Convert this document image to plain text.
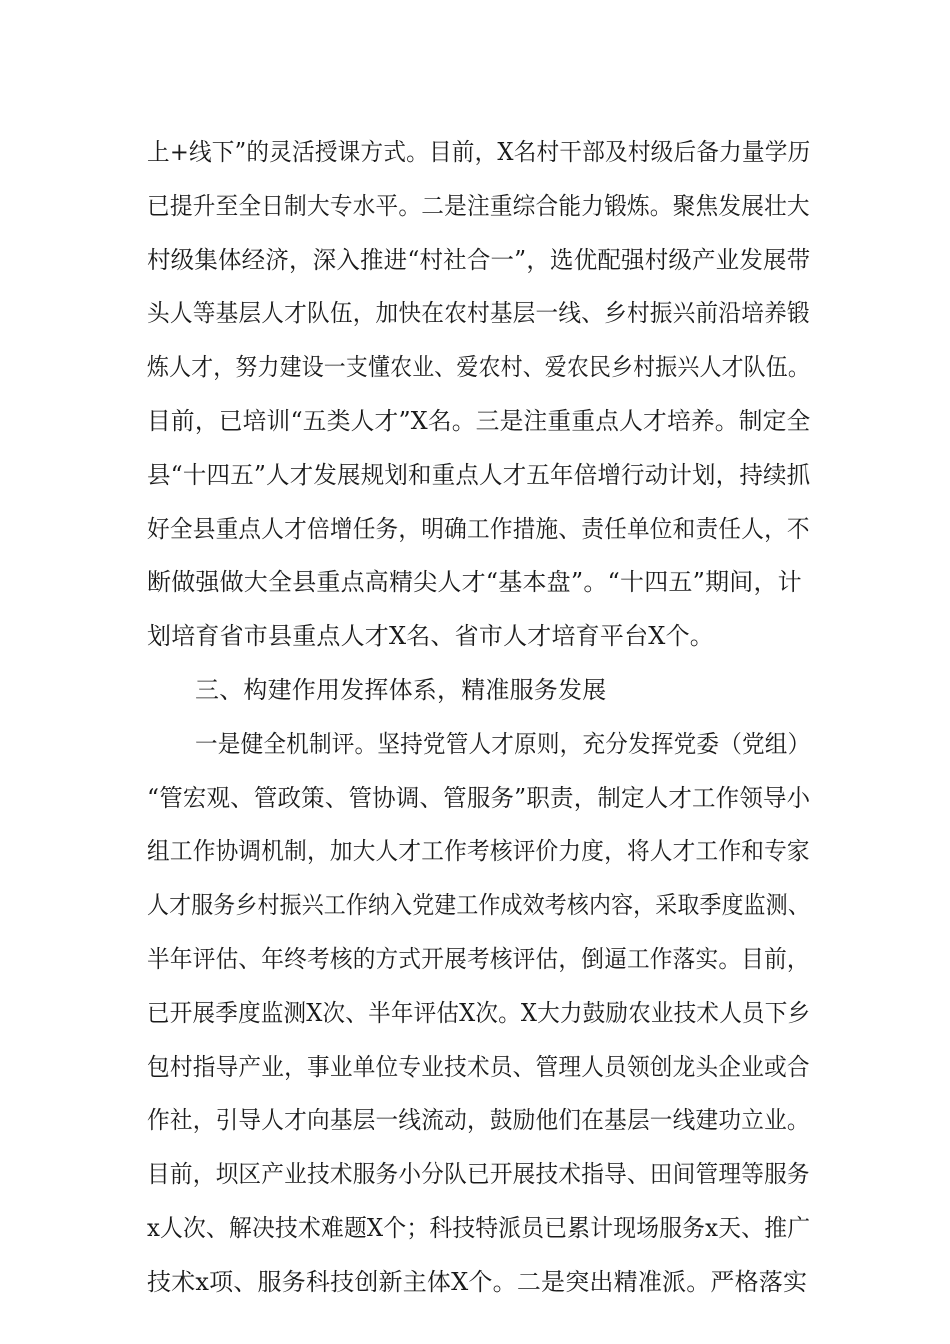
上+线下”的灵活授课方式。目前，X名村干部及村级后备力量学历
已提升至全日制大专水平。二是注重综合能力锻炼。聚焦发展壮大
村级集体经济，深入推进“村社合一”，选优配强村级产业发展带
头人等基层人才队伍，加快在农村基层一线、乡村振兴前沿培养锻
炼人才，努力建设一支懂农业、爱农村、爱农民乡村振兴人才队伍。
目前，已培训“五类人才”X名。三是注重重点人才培养。制定全
县“十四五”人才发展规划和重点人才五年倍增行动计划，持续抓
好全县重点人才倍增任务，明确工作措施、责任单位和责任人，不
断做强做大全县重点高精尖人才“基本盘”。“十四五”期间，计
划培育省市县重点人才X名、省市人才培育平台X个。
三、构建作用发挥体系，精准服务发展
一是健全机制评。坚持党管人才原则，充分发挥党委（党组）
“管宏观、管政策、管协调、管服务”职责，制定人才工作领导小
组工作协调机制，加大人才工作考核评价力度，将人才工作和专家
人才服务乡村振兴工作纳入党建工作成效考核内容，采取季度监测、
半年评估、年终考核的方式开展考核评估，倒逼工作落实。目前，
已开展季度监测X次、半年评估X次。X大力鼓励农业技术人员下乡
包村指导产业，事业单位专业技术员、管理人员领创龙头企业或合
作社，引导人才向基层一线流动，鼓励他们在基层一线建功立业。
目前，坝区产业技术服务小分队已开展技术指导、田间管理等服务
x人次、解决技术难题X个；科技特派员已累计现场服务x天、推广
技术x项、服务科技创新主体X个。二是突出精准派。严格落实
